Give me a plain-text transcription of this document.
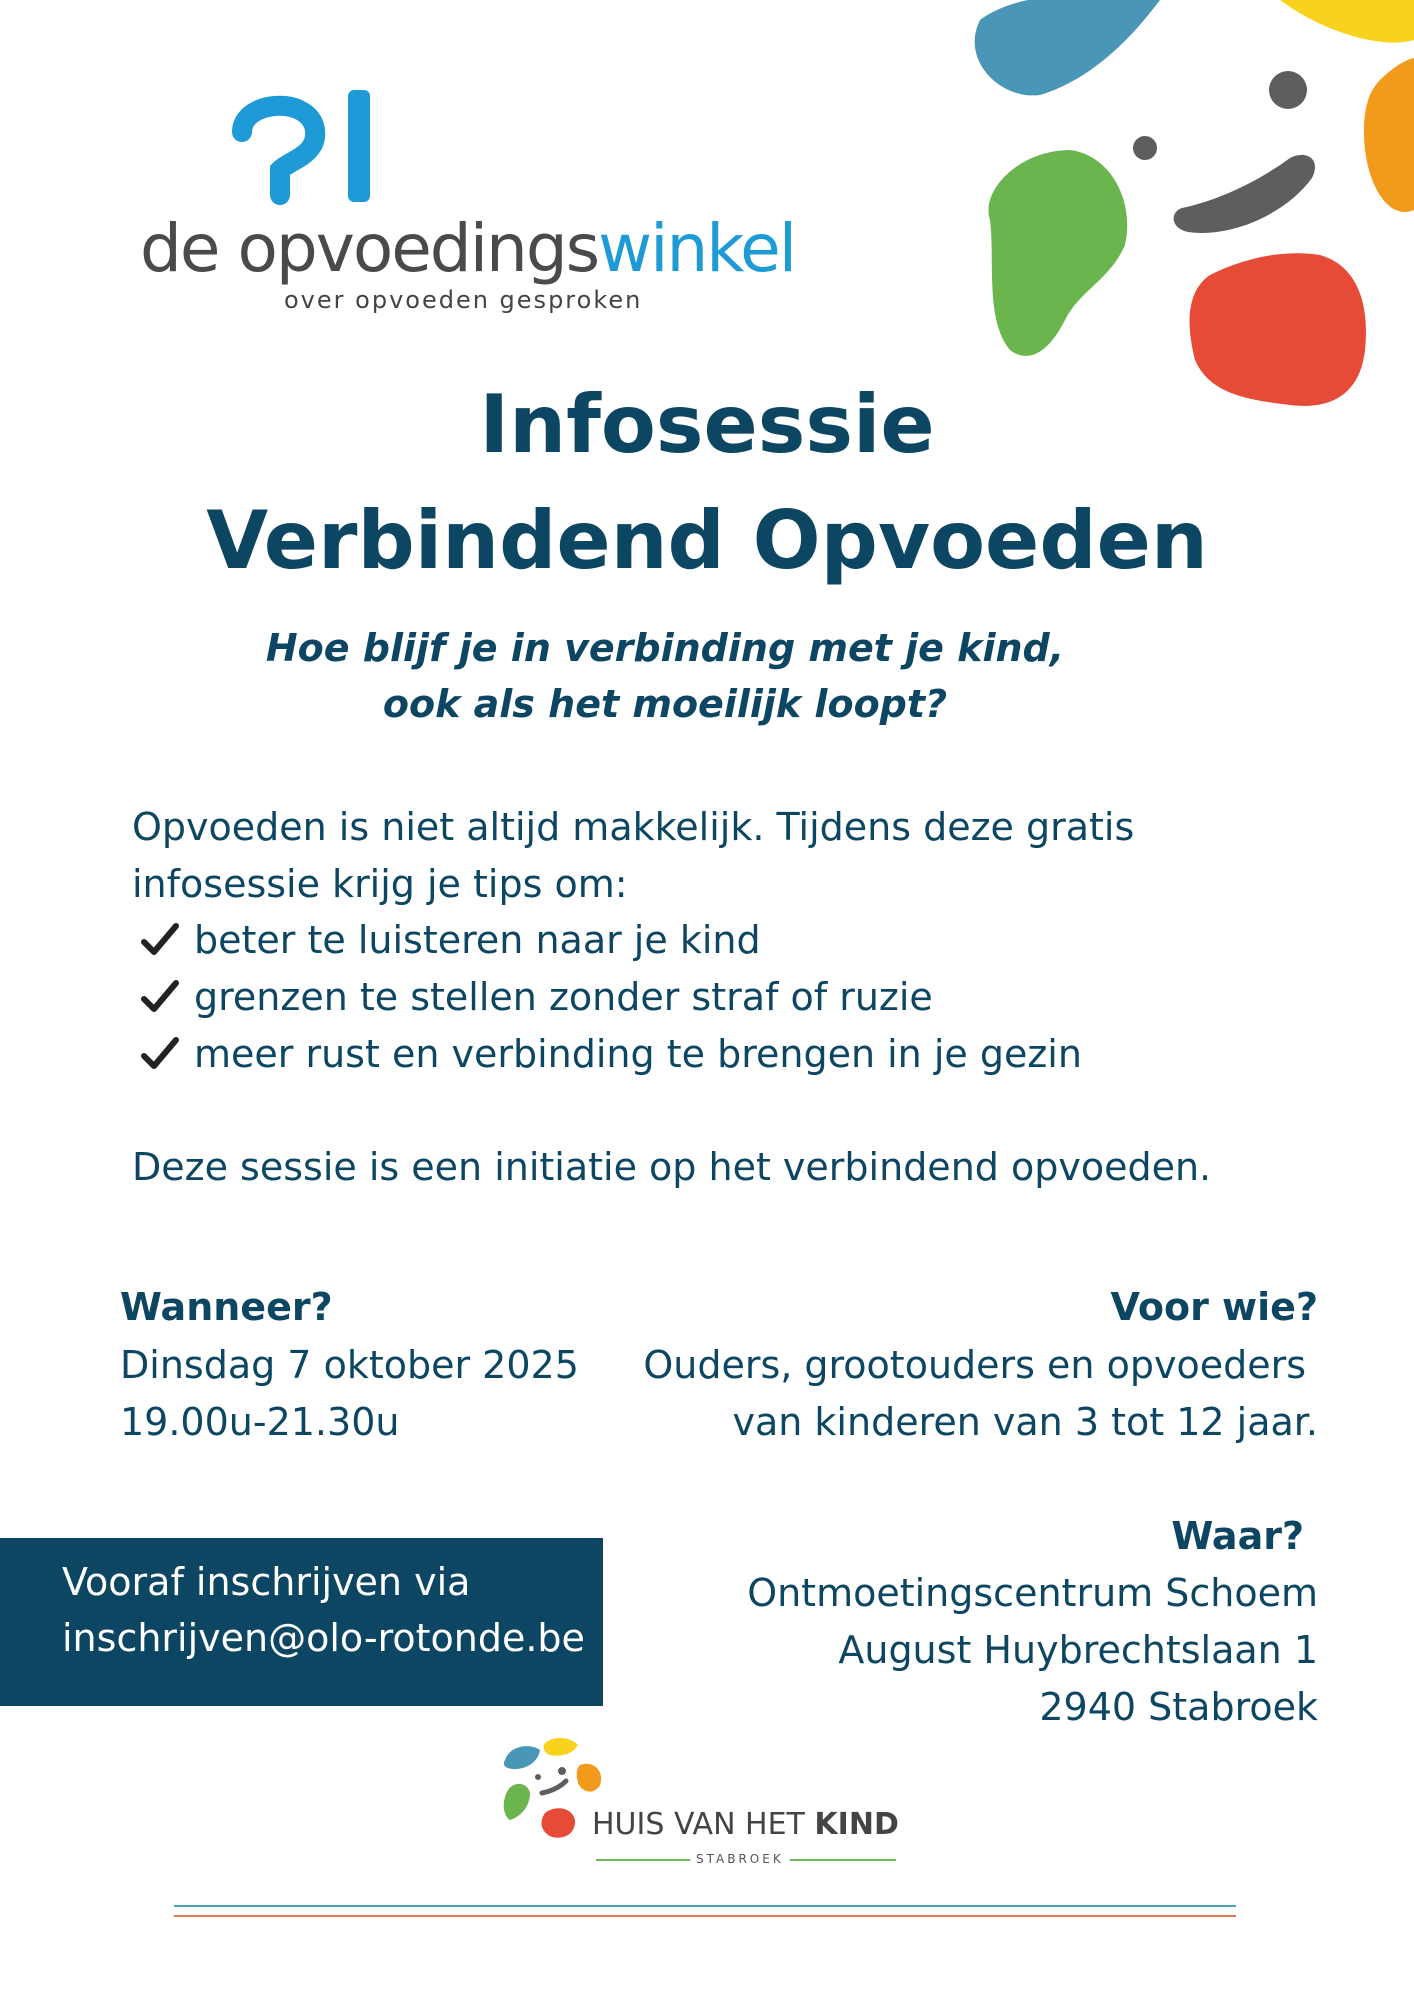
de opvoedingswinkel
over opvoeden gesproken
Infosessie
Verbindend Opvoeden
Hoe blijf je in verbinding met je kind,
ook als het moeilijk loopt?
Opvoeden is niet altijd makkelijk. Tijdens deze gratis
infosessie krijg je tips om:
beter te luisteren naar je kind
grenzen te stellen zonder straf of ruzie
meer rust en verbinding te brengen in je gezin
Deze sessie is een initiatie op het verbindend opvoeden.
Wanneer?
Dinsdag 7 oktober 2025
19.00u-21.30u
Voor wie?
Ouders, grootouders en opvoeders
van kinderen van 3 tot 12 jaar.
Waar?
Ontmoetingscentrum Schoem
August Huybrechtslaan 1
2940 Stabroek
Vooraf inschrijven via
inschrijven@olo-rotonde.be
HUIS VAN HET KIND
STABROEK
